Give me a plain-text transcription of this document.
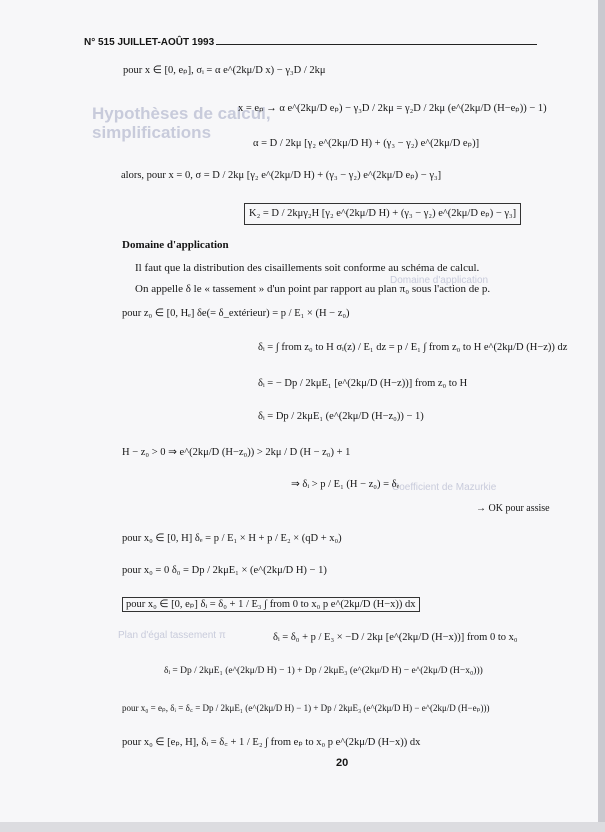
Hypothèses de calcul,
simplifications
Domaine d'application
Coefficient de Mazurkie
Plan d'égal tassement π
N° 515 JUILLET-AOÛT 1993
pour x ∈ [0, eₚ], σᵢ = α e^(2kμ/D x) − γ₃D / 2kμ
x = eₚ → α e^(2kμ/D eₚ) − γ₃D / 2kμ = γ₂D / 2kμ (e^(2kμ/D (H−eₚ)) − 1)
α = D / 2kμ [γ₂ e^(2kμ/D H) + (γ₃ − γ₂) e^(2kμ/D eₚ)]
alors, pour x = 0, σ = D / 2kμ [γ₂ e^(2kμ/D H) + (γ₃ − γ₂) e^(2kμ/D eₚ) − γ₃]
K₂ = D / 2kμγ₂H [γ₂ e^(2kμ/D H) + (γ₃ − γ₂) e^(2kμ/D eₚ) − γ₃]
Domaine d'application
Il faut que la distribution des cisaillements soit conforme au schéma de calcul.
On appelle δ le « tassement » d'un point par rapport au plan π₀ sous l'action de p.
pour z₀ ∈ [0, Hₑ] δe(= δ_extérieur) = p / E₁ × (H − z₀)
δᵢ = ∫ from z₀ to H σᵢ(z) / E₁ dz = p / E₁ ∫ from z₀ to H e^(2kμ/D (H−z)) dz
δᵢ = − Dp / 2kμE₁ [e^(2kμ/D (H−z))] from z₀ to H
δᵢ = Dp / 2kμE₁ (e^(2kμ/D (H−z₀)) − 1)
H − z₀ > 0 ⇒ e^(2kμ/D (H−z₀)) > 2kμ / D (H − z₀) + 1
⇒ δᵢ > p / E₁ (H − z₀) = δₑ
→ OK pour assise
pour x₀ ∈ [0, H] δₑ = p / E₁ × H + p / E₂ × (qD + x₀)
pour x₀ = 0 δ₀ = Dp / 2kμE₁ × (e^(2kμ/D H) − 1)
pour x₀ ∈ [0, eₚ] δᵢ = δ₀ + 1 / E₃ ∫ from 0 to x₀ p e^(2kμ/D (H−x)) dx
δᵢ = δ₀ + p / E₃ × −D / 2kμ [e^(2kμ/D (H−x))] from 0 to x₀
δᵢ = Dp / 2kμE₁ (e^(2kμ/D H) − 1) + Dp / 2kμE₃ (e^(2kμ/D H) − e^(2kμ/D (H−x₀)))
pour x₀ = eₚ, δᵢ = δ꜀ = Dp / 2kμE₁ (e^(2kμ/D H) − 1) + Dp / 2kμE₃ (e^(2kμ/D H) − e^(2kμ/D (H−eₚ)))
pour x₀ ∈ [eₚ, H], δᵢ = δ꜀ + 1 / E₂ ∫ from eₚ to x₀ p e^(2kμ/D (H−x)) dx
20
